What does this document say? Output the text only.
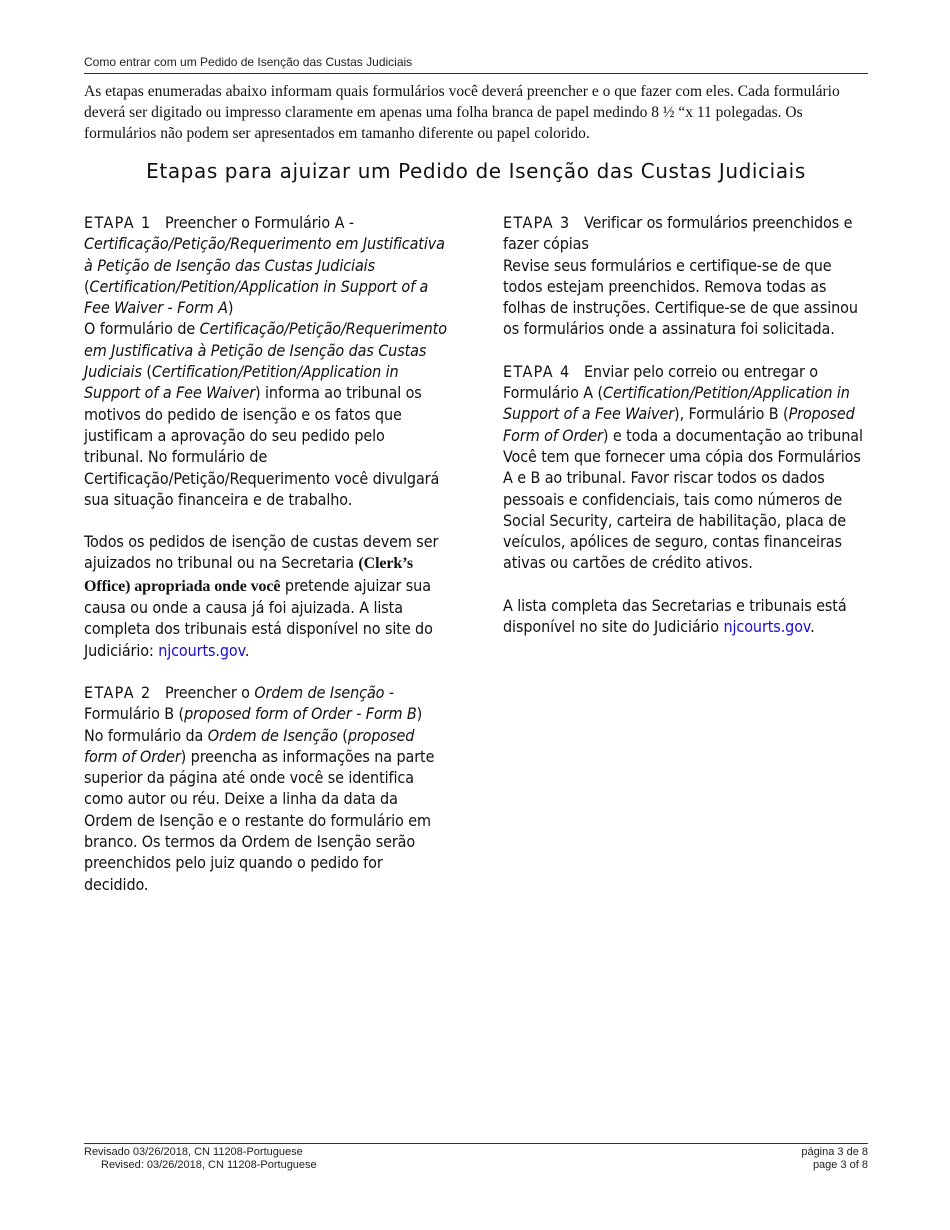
Como entrar com um Pedido de Isenção das Custas Judiciais
As etapas enumeradas abaixo informam quais formulários você deverá preencher e o que fazer com eles. Cada formulário deverá ser digitado ou impresso claramente em apenas uma folha branca de papel medindo 8 ½ “x 11 polegadas. Os formulários não podem ser apresentados em tamanho diferente ou papel colorido.
Etapas para ajuizar um Pedido de Isenção das Custas Judiciais
ETAPA 1 Preencher o Formulário A - Certificação/Petição/Requerimento em Justificativa à Petição de Isenção das Custas Judiciais (Certification/Petition/Application in Support of a Fee Waiver - Form A)
O formulário de Certificação/Petição/Requerimento em Justificativa à Petição de Isenção das Custas Judiciais (Certification/Petition/Application in Support of a Fee Waiver) informa ao tribunal os motivos do pedido de isenção e os fatos que justificam a aprovação do seu pedido pelo tribunal. No formulário de Certificação/Petição/Requerimento você divulgará sua situação financeira e de trabalho.
Todos os pedidos de isenção de custas devem ser ajuizados no tribunal ou na Secretaria (Clerk’s Office) apropriada onde você pretende ajuizar sua causa ou onde a causa já foi ajuizada. A lista completa dos tribunais está disponível no site do Judiciário: njcourts.gov.
ETAPA 2 Preencher o Ordem de Isenção - Formulário B (proposed form of Order - Form B)
No formulário da Ordem de Isenção (proposed form of Order) preencha as informações na parte superior da página até onde você se identifica como autor ou réu. Deixe a linha da data da Ordem de Isenção e o restante do formulário em branco. Os termos da Ordem de Isenção serão preenchidos pelo juiz quando o pedido for decidido.
ETAPA 3 Verificar os formulários preenchidos e fazer cópias
Revise seus formulários e certifique-se de que todos estejam preenchidos. Remova todas as folhas de instruções. Certifique-se de que assinou os formulários onde a assinatura foi solicitada.
ETAPA 4 Enviar pelo correio ou entregar o Formulário A (Certification/Petition/Application in Support of a Fee Waiver), Formulário B (Proposed Form of Order) e toda a documentação ao tribunal
Você tem que fornecer uma cópia dos Formulários A e B ao tribunal. Favor riscar todos os dados pessoais e confidenciais, tais como números de Social Security, carteira de habilitação, placa de veículos, apólices de seguro, contas financeiras ativas ou cartões de crédito ativos.
A lista completa das Secretarias e tribunais está disponível no site do Judiciário njcourts.gov.
Revisado 03/26/2018, CN 11208-Portuguese
Revised: 03/26/2018, CN 11208-Portuguese
página 3 de 8
page 3 of 8
